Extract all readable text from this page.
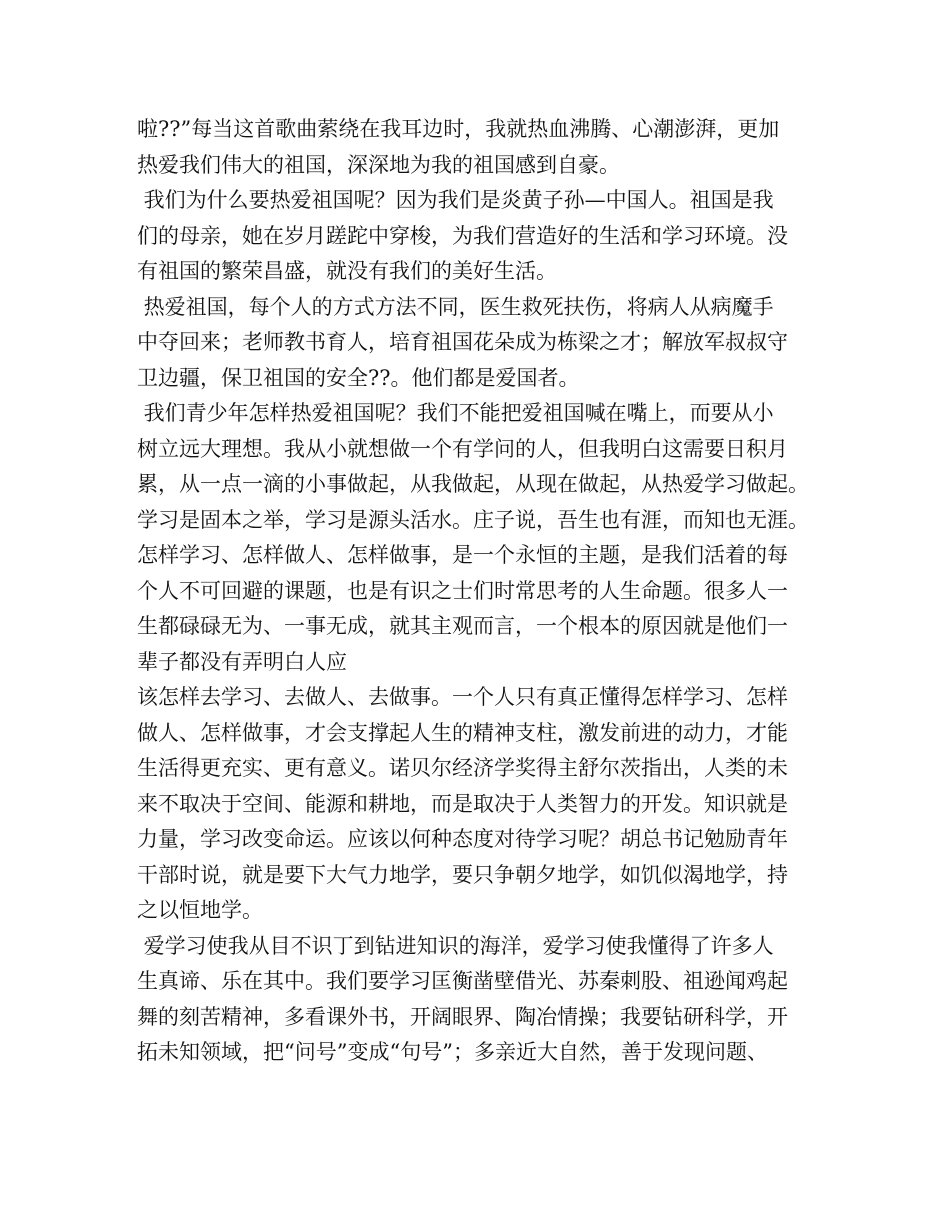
啦??”每当这首歌曲萦绕在我耳边时，我就热血沸腾、心潮澎湃，更加
热爱我们伟大的祖国，深深地为我的祖国感到自豪。
我们为什么要热爱祖国呢？因为我们是炎黄子孙—中国人。祖国是我
们的母亲，她在岁月蹉跎中穿梭，为我们营造好的生活和学习环境。没
有祖国的繁荣昌盛，就没有我们的美好生活。
热爱祖国，每个人的方式方法不同，医生救死扶伤，将病人从病魔手
中夺回来；老师教书育人，培育祖国花朵成为栋梁之才；解放军叔叔守
卫边疆，保卫祖国的安全??。他们都是爱国者。
我们青少年怎样热爱祖国呢？我们不能把爱祖国喊在嘴上，而要从小
树立远大理想。我从小就想做一个有学问的人，但我明白这需要日积月
累，从一点一滴的小事做起，从我做起，从现在做起，从热爱学习做起。
学习是固本之举，学习是源头活水。庄子说，吾生也有涯，而知也无涯。
怎样学习、怎样做人、怎样做事，是一个永恒的主题，是我们活着的每
个人不可回避的课题，也是有识之士们时常思考的人生命题。很多人一
生都碌碌无为、一事无成，就其主观而言，一个根本的原因就是他们一
辈子都没有弄明白人应
该怎样去学习、去做人、去做事。一个人只有真正懂得怎样学习、怎样
做人、怎样做事，才会支撑起人生的精神支柱，激发前进的动力，才能
生活得更充实、更有意义。诺贝尔经济学奖得主舒尔茨指出，人类的未
来不取决于空间、能源和耕地，而是取决于人类智力的开发。知识就是
力量，学习改变命运。应该以何种态度对待学习呢？胡总书记勉励青年
干部时说，就是要下大气力地学，要只争朝夕地学，如饥似渴地学，持
之以恒地学。
爱学习使我从目不识丁到钻进知识的海洋，爱学习使我懂得了许多人
生真谛、乐在其中。我们要学习匡衡凿壁借光、苏秦刺股、祖逊闻鸡起
舞的刻苦精神，多看课外书，开阔眼界、陶冶情操；我要钻研科学，开
拓未知领域，把“问号”变成“句号”；多亲近大自然，善于发现问题、
